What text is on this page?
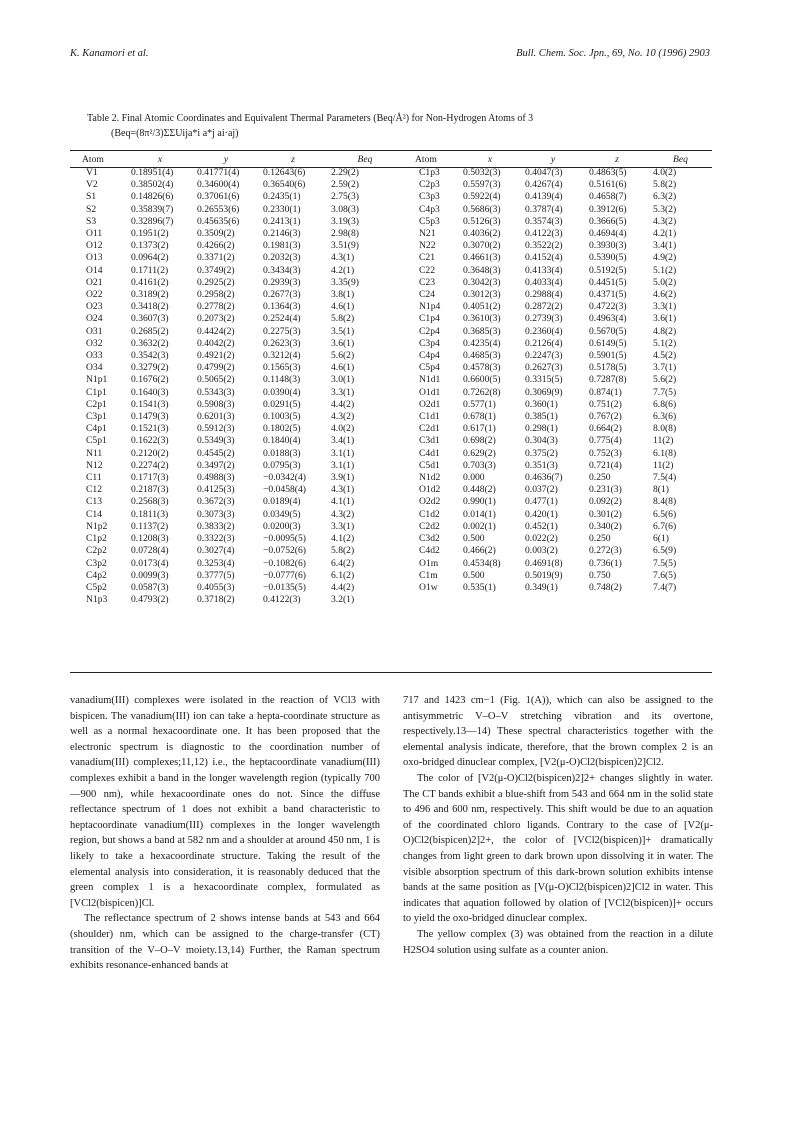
K. Kanamori et al.	Bull. Chem. Soc. Jpn., 69, No. 10 (1996) 2903
Table 2. Final Atomic Coordinates and Equivalent Thermal Parameters (Beq/Å²) for Non-Hydrogen Atoms of 3
(Beq=(8π²/3)ΣΣUija*i a*j ai·aj)
Atom	x	y	z	Beq	Atom	x	y	z	Beq
V1	0.18951(4)	0.41771(4)	0.12643(6)	2.29(2)	C1p3	0.5032(3)	0.4047(3)	0.4863(5)	4.0(2)
V2	0.38502(4)	0.34600(4)	0.36540(6)	2.59(2)	C2p3	0.5597(3)	0.4267(4)	0.5161(6)	5.8(2)
S1	0.14826(6)	0.37061(6)	0.2435(1)	2.75(3)	C3p3	0.5922(4)	0.4139(4)	0.4658(7)	6.3(2)
S2	0.35839(7)	0.26553(6)	0.2330(1)	3.08(3)	C4p3	0.5686(3)	0.3787(4)	0.3912(6)	5.3(2)
S3	0.32896(7)	0.45635(6)	0.2413(1)	3.19(3)	C5p3	0.5126(3)	0.3574(3)	0.3666(5)	4.3(2)
O11	0.1951(2)	0.3509(2)	0.2146(3)	2.98(8)	N21	0.4036(2)	0.4122(3)	0.4694(4)	4.2(1)
O12	0.1373(2)	0.4266(2)	0.1981(3)	3.51(9)	N22	0.3070(2)	0.3522(2)	0.3930(3)	3.4(1)
O13	0.0964(2)	0.3371(2)	0.2032(3)	4.3(1)	C21	0.4661(3)	0.4152(4)	0.5390(5)	4.9(2)
O14	0.1711(2)	0.3749(2)	0.3434(3)	4.2(1)	C22	0.3648(3)	0.4133(4)	0.5192(5)	5.1(2)
O21	0.4161(2)	0.2925(2)	0.2939(3)	3.35(9)	C23	0.3042(3)	0.4033(4)	0.4451(5)	5.0(2)
O22	0.3189(2)	0.2958(2)	0.2677(3)	3.8(1)	C24	0.3012(3)	0.2988(4)	0.4371(5)	4.6(2)
O23	0.3418(2)	0.2778(2)	0.1364(3)	4.6(1)	N1p4	0.4051(2)	0.2872(2)	0.4722(3)	3.3(1)
O24	0.3607(3)	0.2073(2)	0.2524(4)	5.8(2)	C1p4	0.3610(3)	0.2739(3)	0.4963(4)	3.6(1)
O31	0.2685(2)	0.4424(2)	0.2275(3)	3.5(1)	C2p4	0.3685(3)	0.2360(4)	0.5670(5)	4.8(2)
O32	0.3632(2)	0.4042(2)	0.2623(3)	3.6(1)	C3p4	0.4235(4)	0.2126(4)	0.6149(5)	5.1(2)
O33	0.3542(3)	0.4921(2)	0.3212(4)	5.6(2)	C4p4	0.4685(3)	0.2247(3)	0.5901(5)	4.5(2)
O34	0.3279(2)	0.4799(2)	0.1565(3)	4.6(1)	C5p4	0.4578(3)	0.2627(3)	0.5178(5)	3.7(1)
N1p1	0.1676(2)	0.5065(2)	0.1148(3)	3.0(1)	N1d1	0.6600(5)	0.3315(5)	0.7287(8)	5.6(2)
C1p1	0.1640(3)	0.5343(3)	0.0390(4)	3.3(1)	O1d1	0.7262(8)	0.3069(9)	0.874(1)	7.7(5)
C2p1	0.1541(3)	0.5908(3)	0.0291(5)	4.4(2)	O2d1	0.577(1)	0.360(1)	0.751(2)	6.8(6)
C3p1	0.1479(3)	0.6201(3)	0.1003(5)	4.3(2)	C1d1	0.678(1)	0.385(1)	0.767(2)	6.3(6)
C4p1	0.1521(3)	0.5912(3)	0.1802(5)	4.0(2)	C2d1	0.617(1)	0.298(1)	0.664(2)	8.0(8)
C5p1	0.1622(3)	0.5349(3)	0.1840(4)	3.4(1)	C3d1	0.698(2)	0.304(3)	0.775(4)	11(2)
N11	0.2120(2)	0.4545(2)	0.0188(3)	3.1(1)	C4d1	0.629(2)	0.375(2)	0.752(3)	6.1(8)
N12	0.2274(2)	0.3497(2)	0.0795(3)	3.1(1)	C5d1	0.703(3)	0.351(3)	0.721(4)	11(2)
C11	0.1717(3)	0.4988(3)	−0.0342(4)	3.9(1)	N1d2	0.000	0.4636(7)	0.250	7.5(4)
C12	0.2187(3)	0.4125(3)	−0.0458(4)	4.3(1)	O1d2	0.448(2)	0.037(2)	0.231(3)	8(1)
C13	0.2568(3)	0.3672(3)	0.0189(4)	4.1(1)	O2d2	0.990(1)	0.477(1)	0.092(2)	8.4(8)
C14	0.1811(3)	0.3073(3)	0.0349(5)	4.3(2)	C1d2	0.014(1)	0.420(1)	0.301(2)	6.5(6)
N1p2	0.1137(2)	0.3833(2)	0.0200(3)	3.3(1)	C2d2	0.002(1)	0.452(1)	0.340(2)	6.7(6)
C1p2	0.1208(3)	0.3322(3)	−0.0095(5)	4.1(2)	C3d2	0.500	0.022(2)	0.250	6(1)
C2p2	0.0728(4)	0.3027(4)	−0.0752(6)	5.8(2)	C4d2	0.466(2)	0.003(2)	0.272(3)	6.5(9)
C3p2	0.0173(4)	0.3253(4)	−0.1082(6)	6.4(2)	O1m	0.4534(8)	0.4691(8)	0.736(1)	7.5(5)
C4p2	0.0099(3)	0.3777(5)	−0.0777(6)	6.1(2)	C1m	0.500	0.5019(9)	0.750	7.6(5)
C5p2	0.0587(3)	0.4055(3)	−0.0135(5)	4.4(2)	O1w	0.535(1)	0.349(1)	0.748(2)	7.4(7)
N1p3	0.4793(2)	0.3718(2)	0.4122(3)	3.2(1)					

vanadium(III) complexes were isolated in the reaction of VCl3 with bispicen. The vanadium(III) ion can take a hepta-coordinate structure as well as a normal hexacoordinate one. It has been proposed that the electronic spectrum is diagnostic to the coordination number of vanadium(III) complexes;11,12) i.e., the heptacoordinate vanadium(III) complexes exhibit a band in the longer wavelength region (typically 700—900 nm), while hexacoordinate ones do not. Since the diffuse reflectance spectrum of 1 does not exhibit a band characteristic to heptacoordinate vanadium(III) complexes in the longer wavelength region, but shows a band at 582 nm and a shoulder at around 450 nm, 1 is likely to take a hexacoordinate structure. Taking the result of the elemental analysis into consideration, it is reasonably deduced that the green complex 1 is a hexacoordinate complex, formulated as [VCl2(bispicen)]Cl.

The reflectance spectrum of 2 shows intense bands at 543 and 664 (shoulder) nm, which can be assigned to the charge-transfer (CT) transition of the V–O–V moiety.13,14) Further, the Raman spectrum exhibits resonance-enhanced bands at

717 and 1423 cm−1 (Fig. 1(A)), which can also be assigned to the antisymmetric V–O–V stretching vibration and its overtone, respectively.13—14) These spectral characteristics together with the elemental analysis indicate, therefore, that the brown complex 2 is an oxo-bridged dinuclear complex, [V2(μ-O)Cl2(bispicen)2]Cl2.

The color of [V2(μ-O)Cl2(bispicen)2]2+ changes slightly in water. The CT bands exhibit a blue-shift from 543 and 664 nm in the solid state to 496 and 600 nm, respectively. This shift would be due to an aquation of the coordinated chloro ligands. Contrary to the case of [V2(μ-O)Cl2(bispicen)2]2+, the color of [VCl2(bispicen)]+ dramatically changes from light green to dark brown upon dissolving it in water. The visible absorption spectrum of this dark-brown solution exhibits intense bands at the same position as [V(μ-O)Cl2(bispicen)2]Cl2 in water. This indicates that aquation followed by olation of [VCl2(bispicen)]+ occurs to yield the oxo-bridged dinuclear complex.

The yellow complex (3) was obtained from the reaction in a dilute H2SO4 solution using sulfate as a counter anion.
